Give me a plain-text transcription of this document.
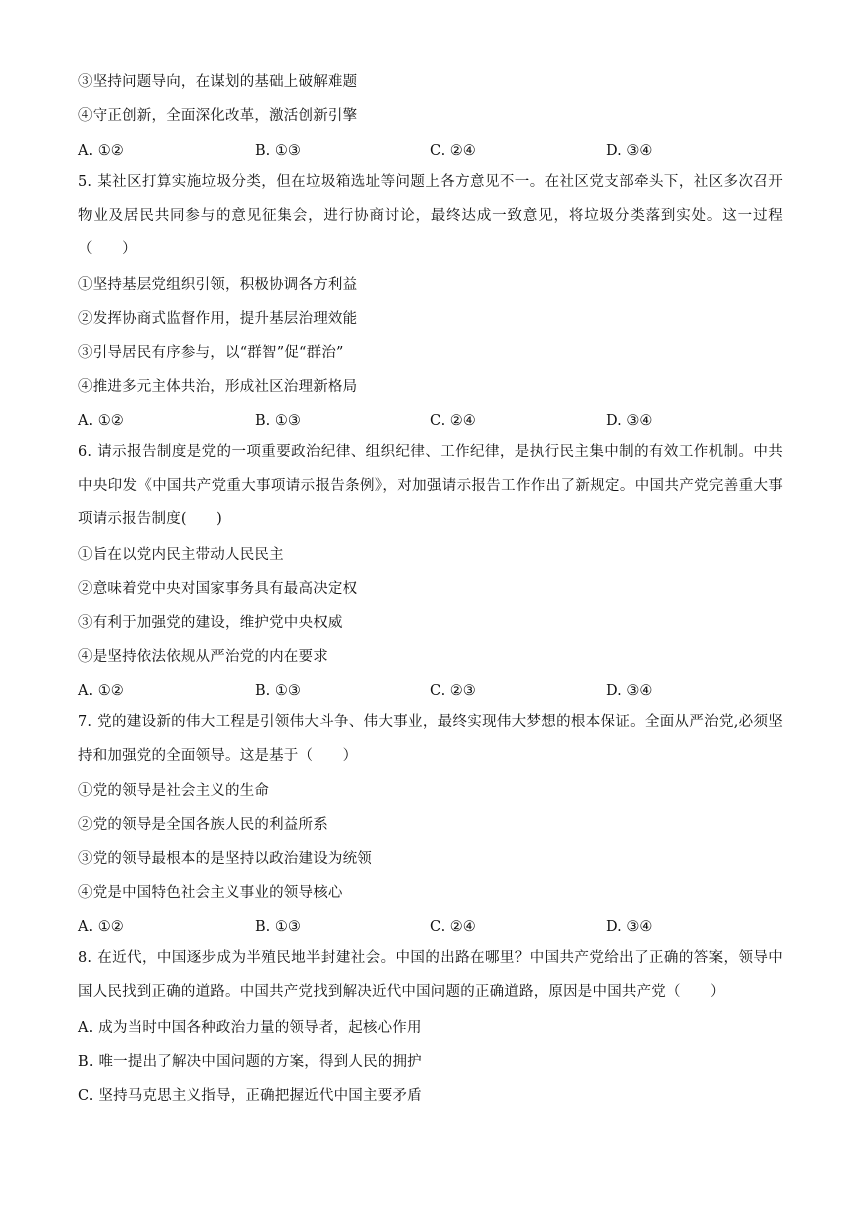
③坚持问题导向，在谋划的基础上破解难题
④守正创新，全面深化改革，激活创新引擎
A. ①②	B. ①③	C. ②④	D. ③④
5. 某社区打算实施垃圾分类，但在垃圾箱选址等问题上各方意见不一。在社区党支部牵头下，社区多次召开物业及居民共同参与的意见征集会，进行协商讨论，最终达成一致意见，将垃圾分类落到实处。这一过程（　　）
①坚持基层党组织引领，积极协调各方利益
②发挥协商式监督作用，提升基层治理效能
③引导居民有序参与，以“群智”促“群治”
④推进多元主体共治，形成社区治理新格局
A. ①②	B. ①③	C. ②④	D. ③④
6. 请示报告制度是党的一项重要政治纪律、组织纪律、工作纪律，是执行民主集中制的有效工作机制。中共中央印发《中国共产党重大事项请示报告条例》，对加强请示报告工作作出了新规定。中国共产党完善重大事项请示报告制度(　　)
①旨在以党内民主带动人民民主
②意味着党中央对国家事务具有最高决定权
③有利于加强党的建设，维护党中央权威
④是坚持依法依规从严治党的内在要求
A. ①②	B. ①③	C. ②③	D. ③④
7. 党的建设新的伟大工程是引领伟大斗争、伟大事业，最终实现伟大梦想的根本保证。全面从严治党,必须坚持和加强党的全面领导。这是基于（　　）
①党的领导是社会主义的生命
②党的领导是全国各族人民的利益所系
③党的领导最根本的是坚持以政治建设为统领
④党是中国特色社会主义事业的领导核心
A. ①②	B. ①③	C. ②④	D. ③④
8. 在近代，中国逐步成为半殖民地半封建社会。中国的出路在哪里？中国共产党给出了正确的答案，领导中国人民找到正确的道路。中国共产党找到解决近代中国问题的正确道路，原因是中国共产党（　　）
A. 成为当时中国各种政治力量的领导者，起核心作用
B. 唯一提出了解决中国问题的方案，得到人民的拥护
C. 坚持马克思主义指导，正确把握近代中国主要矛盾
